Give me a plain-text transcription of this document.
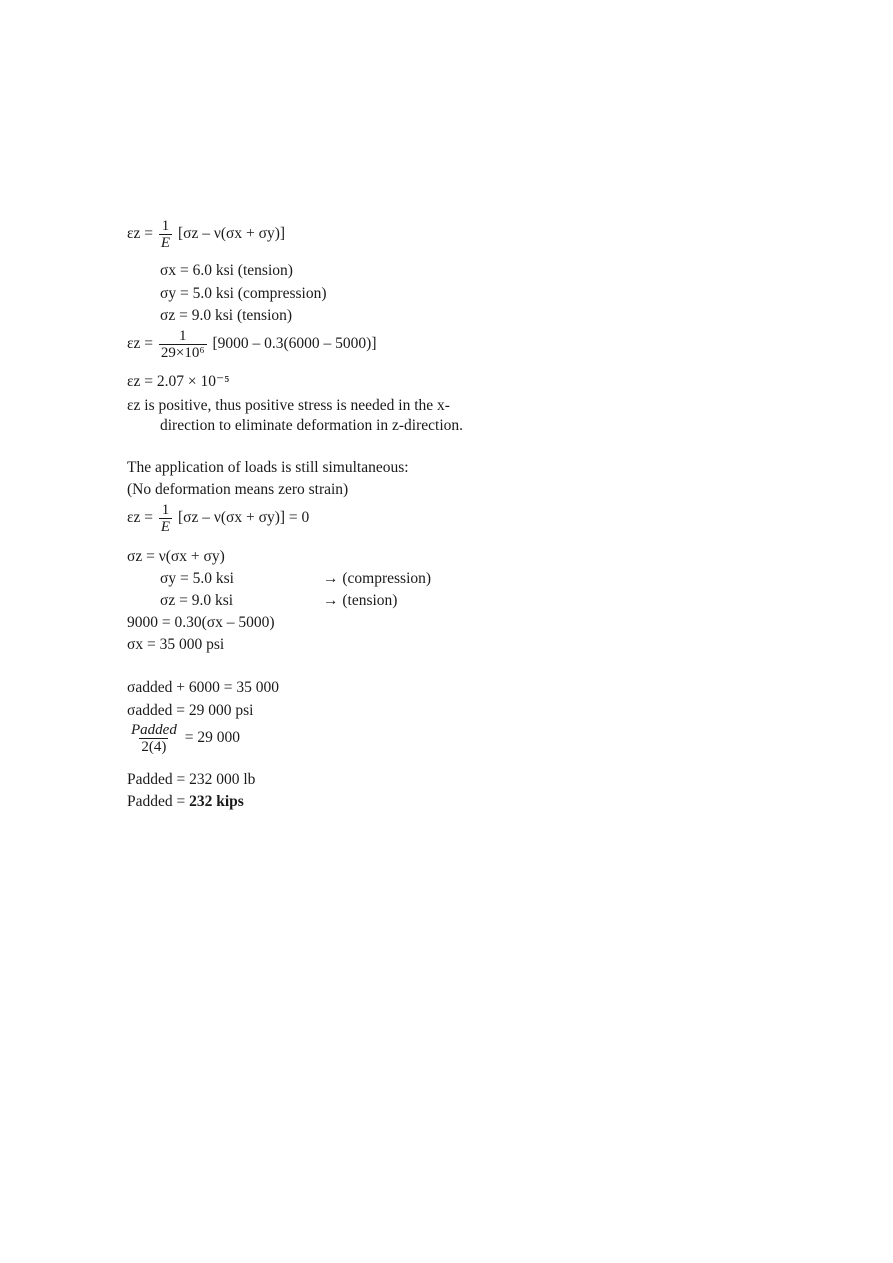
$\varepsilon z = \frac{1}{E} [\sigma z - \nu(\sigma x + \sigma y)]$
σx = 6.0 ksi (tension)
σy = 5.0 ksi (compression)
σz = 9.0 ksi (tension)
$\varepsilon z = \frac{1}{\text{29×10⁶}} [9000 - 0.3(6000 - 5000)]$
εz = 2.07 × 10⁻⁵
εz is positive, thus positive stress is needed in the x-
direction to eliminate deformation in z-direction.
The application of loads is still simultaneous:
(No deformation means zero strain)
$\varepsilon z = \frac{1}{E} [\sigma z - \nu(\sigma x + \sigma y)] = 0$
σz = ν(σx + σy)
σy = 5.0 ksi	→ (compression)
σz = 9.0 ksi	→ (tension)
9000 = 0.30(σx – 5000)
σx = 35 000 psi
σadded + 6000 = 35 000
σadded = 29 000 psi
$\frac{\text{Padded}}{2(4)} = 29$ 000
Padded = 232 000 lb
Padded = 232 kips
